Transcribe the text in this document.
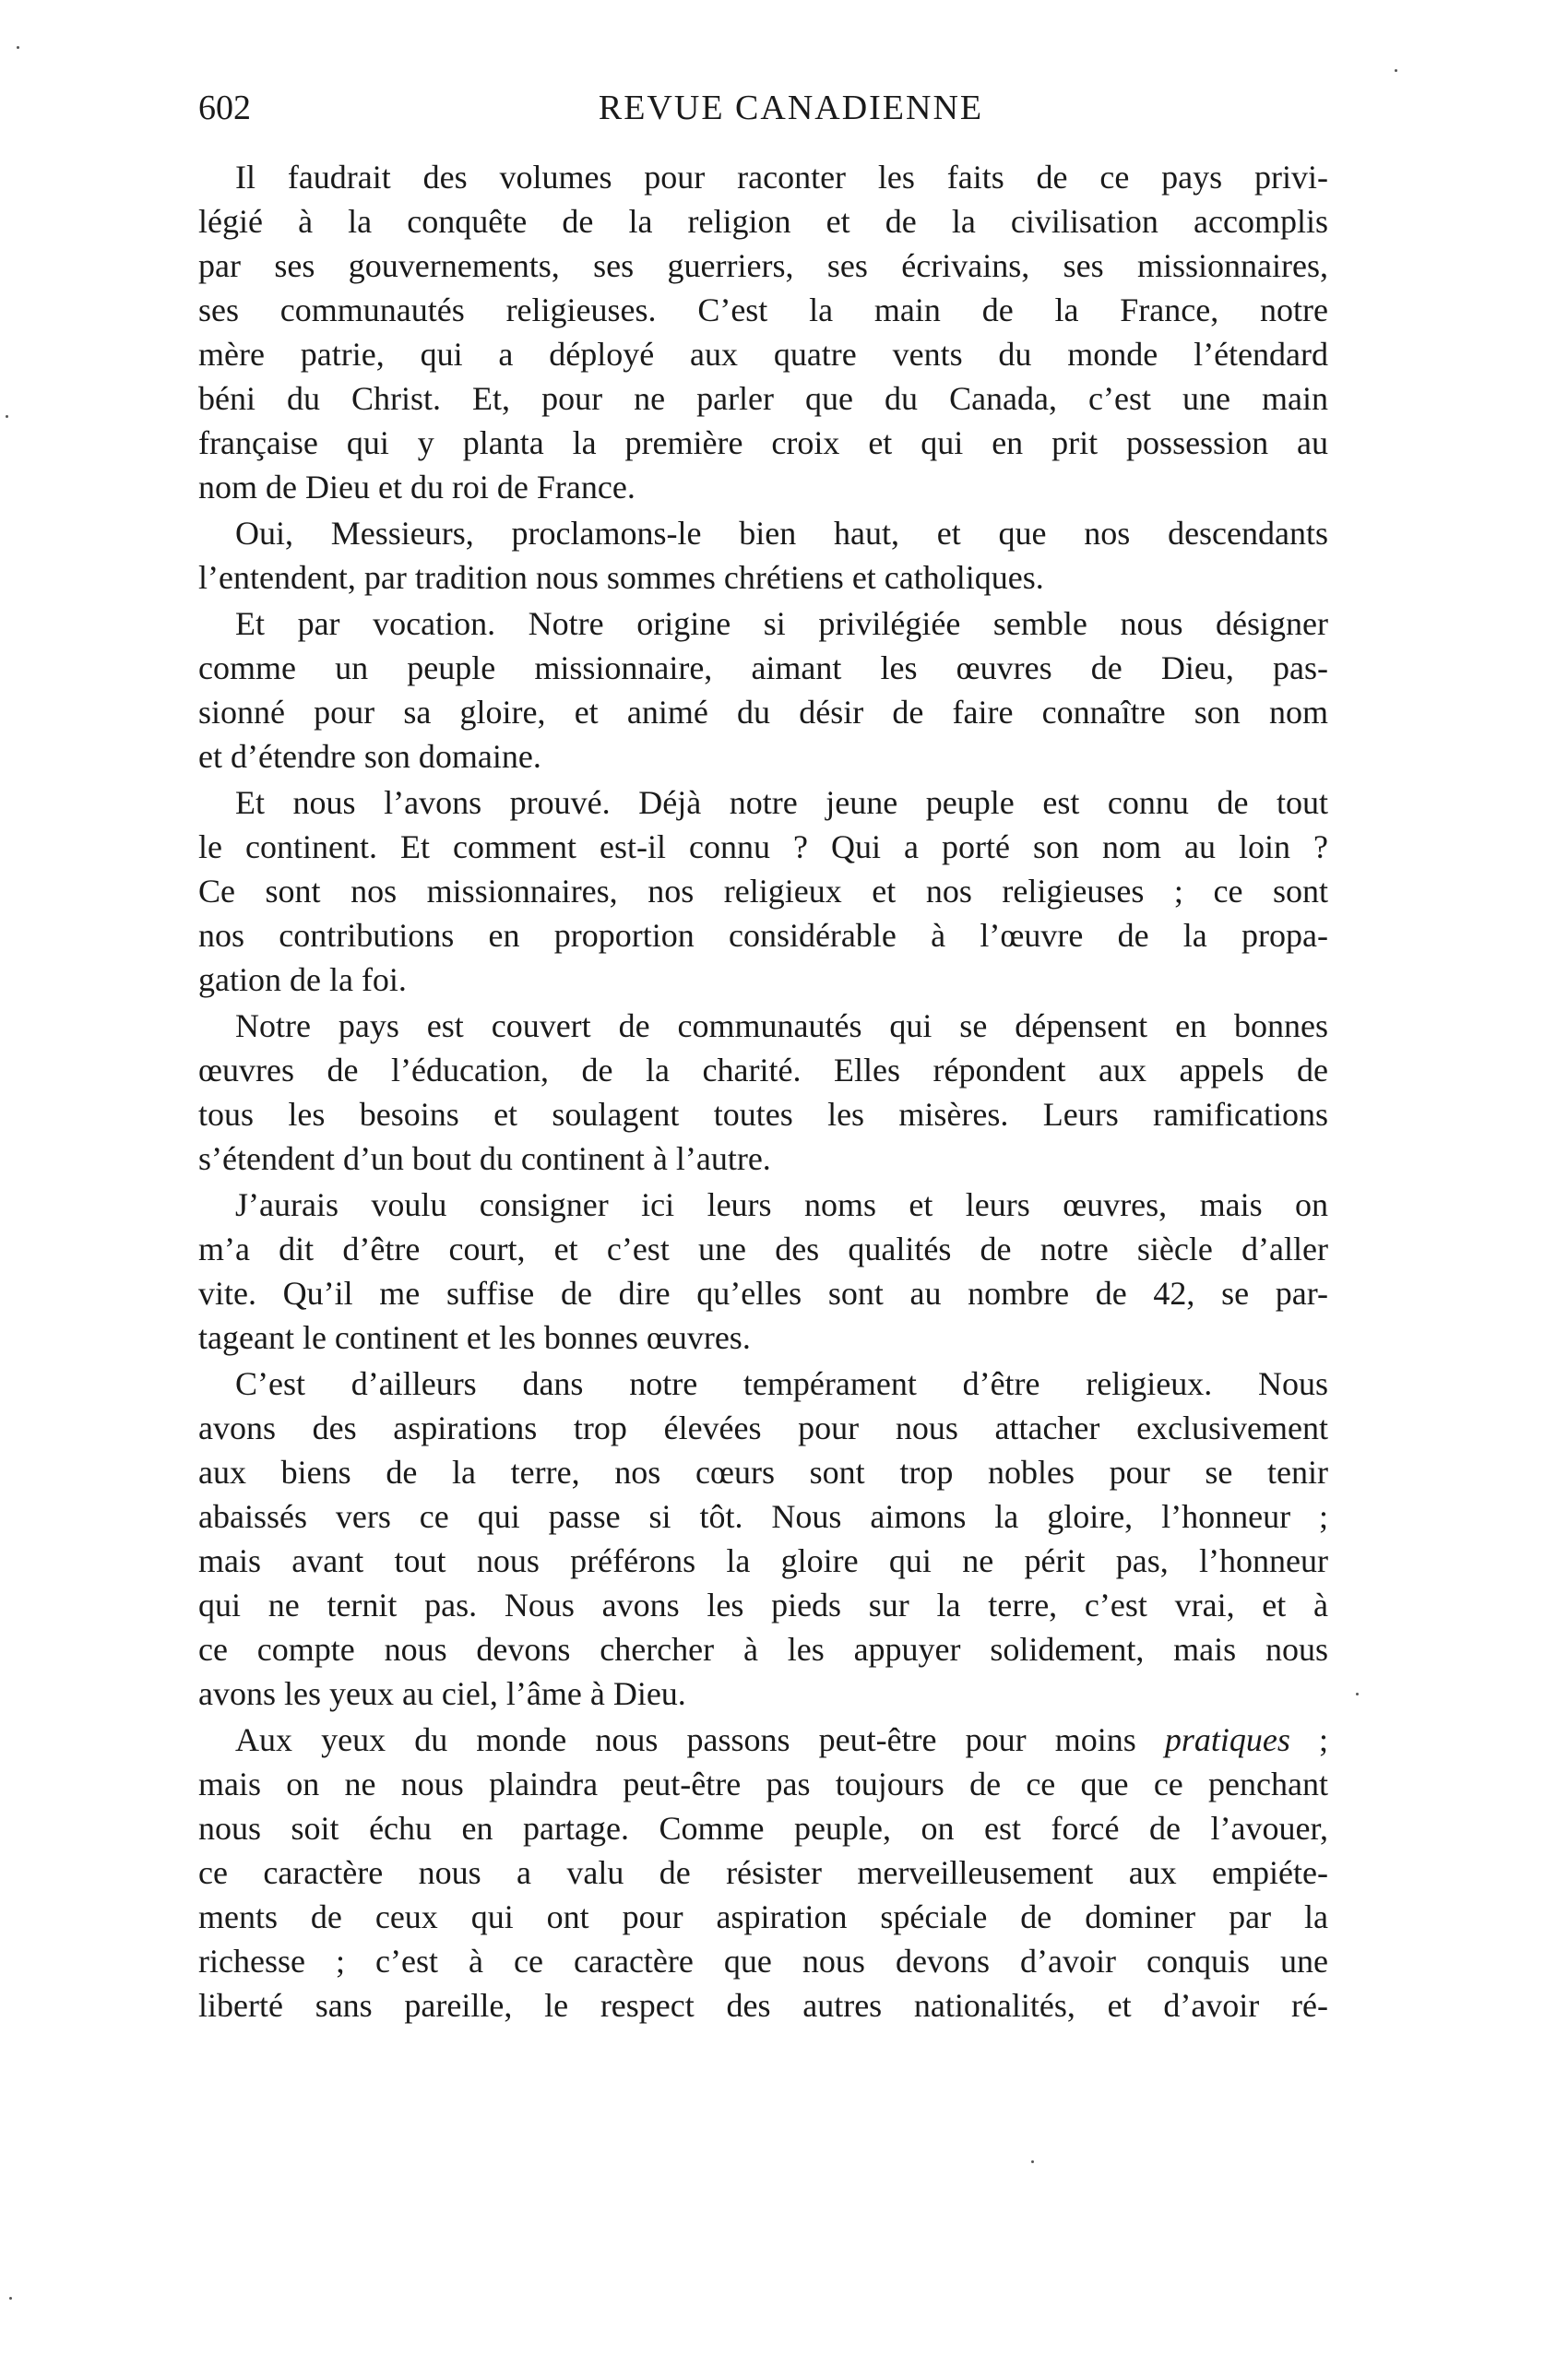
602	REVUE CANADIENNE
Il faudrait des volumes pour raconter les faits de ce pays privi-
légié à la conquête de la religion et de la civilisation accomplis
par ses gouvernements, ses guerriers, ses écrivains, ses missionnaires,
ses communautés religieuses. C’est la main de la France, notre
mère patrie, qui a déployé aux quatre vents du monde l’étendard
béni du Christ. Et, pour ne parler que du Canada, c’est une main
française qui y planta la première croix et qui en prit possession au
nom de Dieu et du roi de France.
Oui, Messieurs, proclamons-le bien haut, et que nos descendants
l’entendent, par tradition nous sommes chrétiens et catholiques.
Et par vocation. Notre origine si privilégiée semble nous désigner
comme un peuple missionnaire, aimant les œuvres de Dieu, pas-
sionné pour sa gloire, et animé du désir de faire connaître son nom
et d’étendre son domaine.
Et nous l’avons prouvé. Déjà notre jeune peuple est connu de tout
le continent. Et comment est-il connu ? Qui a porté son nom au loin ?
Ce sont nos missionnaires, nos religieux et nos religieuses ; ce sont
nos contributions en proportion considérable à l’œuvre de la propa-
gation de la foi.
Notre pays est couvert de communautés qui se dépensent en bonnes
œuvres de l’éducation, de la charité. Elles répondent aux appels de
tous les besoins et soulagent toutes les misères. Leurs ramifications
s’étendent d’un bout du continent à l’autre.
J’aurais voulu consigner ici leurs noms et leurs œuvres, mais on
m’a dit d’être court, et c’est une des qualités de notre siècle d’aller
vite. Qu’il me suffise de dire qu’elles sont au nombre de 42, se par-
tageant le continent et les bonnes œuvres.
C’est d’ailleurs dans notre tempérament d’être religieux. Nous
avons des aspirations trop élevées pour nous attacher exclusivement
aux biens de la terre, nos cœurs sont trop nobles pour se tenir
abaissés vers ce qui passe si tôt. Nous aimons la gloire, l’honneur ;
mais avant tout nous préférons la gloire qui ne périt pas, l’honneur
qui ne ternit pas. Nous avons les pieds sur la terre, c’est vrai, et à
ce compte nous devons chercher à les appuyer solidement, mais nous
avons les yeux au ciel, l’âme à Dieu.
Aux yeux du monde nous passons peut-être pour moins pratiques ;
mais on ne nous plaindra peut-être pas toujours de ce que ce penchant
nous soit échu en partage. Comme peuple, on est forcé de l’avouer,
ce caractère nous a valu de résister merveilleusement aux empiéte-
ments de ceux qui ont pour aspiration spéciale de dominer par la
richesse ; c’est à ce caractère que nous devons d’avoir conquis une
liberté sans pareille, le respect des autres nationalités, et d’avoir ré-
